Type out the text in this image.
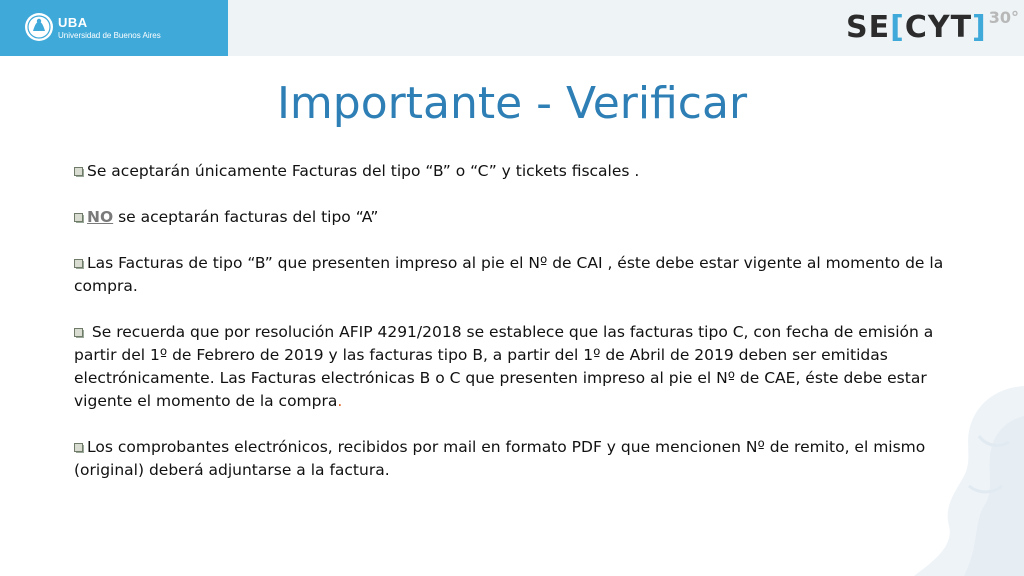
UBA
Universidad de Buenos Aires	SE[CYT] 30°
Importante - Verificar

Se aceptarán únicamente Facturas del tipo “B” o “C” y tickets fiscales .

NO se aceptarán facturas del tipo “A”

Las Facturas de tipo “B” que presenten impreso al pie el Nº de CAI , éste debe estar vigente al momento de la compra.

Se recuerda que por resolución AFIP 4291/2018 se establece que las facturas tipo C, con fecha de emisión a partir del 1º de Febrero de 2019 y las facturas tipo B, a partir del 1º de Abril de 2019 deben ser emitidas electrónicamente. Las Facturas electrónicas B o C que presenten impreso al pie el Nº de CAE, éste debe estar vigente el momento de la compra.

Los comprobantes electrónicos, recibidos por mail en formato PDF y que mencionen Nº de remito, el mismo (original) deberá adjuntarse a la factura.
